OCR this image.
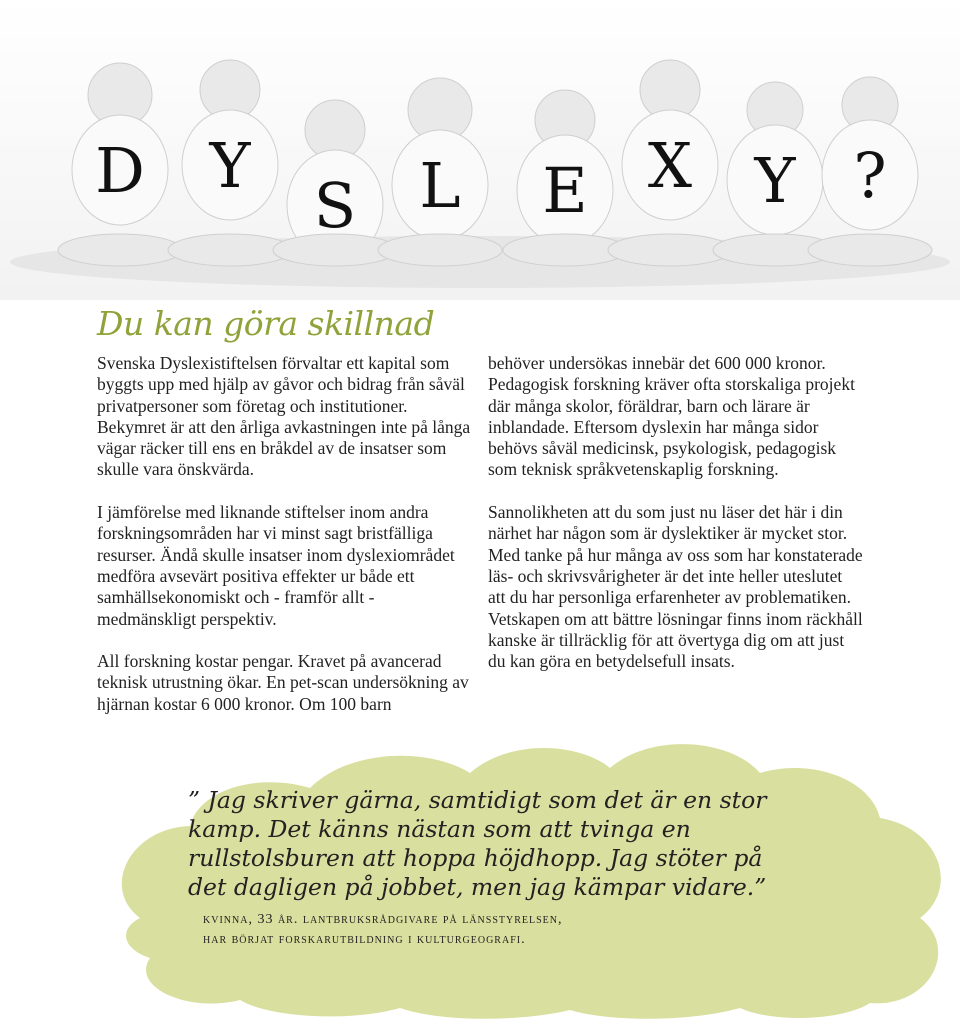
D Y
S L E X Y ?
Du kan göra skillnad

Svenska Dyslexistiftelsen förvaltar ett kapital som byggts upp med hjälp av gåvor och bidrag från såväl privatpersoner som företag och institutioner. Bekymret är att den årliga avkastningen inte på långa vägar räcker till ens en bråkdel av de insatser som skulle vara önskvärda.

I jämförelse med liknande stiftelser inom andra forskningsområden har vi minst sagt bristfälliga resurser. Ändå skulle insatser inom dyslexiområdet medföra avsevärt positiva effekter ur både ett samhällsekonomiskt och - framför allt - medmänskligt perspektiv.

All forskning kostar pengar. Kravet på avancerad teknisk utrustning ökar. En pet-scan undersökning av hjärnan kostar 6 000 kronor. Om 100 barn

behöver undersökas innebär det 600 000 kronor. Pedagogisk forskning kräver ofta storskaliga projekt där många skolor, föräldrar, barn och lärare är inblandade. Eftersom dyslexin har många sidor behövs såväl medicinsk, psykologisk, pedagogisk som teknisk språkvetenskaplig forskning.

Sannolikheten att du som just nu läser det här i din närhet har någon som är dyslektiker är mycket stor. Med tanke på hur många av oss som har konstaterade läs- och skrivsvårigheter är det inte heller uteslutet att du har personliga erfarenheter av problematiken. Vetskapen om att bättre lösningar finns inom räckhåll kanske är tillräcklig för att övertyga dig om att just du kan göra en betydelsefull insats.

” Jag skriver gärna, samtidigt som det är en stor kamp. Det känns nästan som att tvinga en rullstolsburen att hoppa höjdhopp. Jag stöter på det dagligen på jobbet, men jag kämpar vidare.”
kvinna, 33 år. lantbruksrådgivare på länsstyrelsen,
har börjat forskarutbildning i kulturgeografi.
